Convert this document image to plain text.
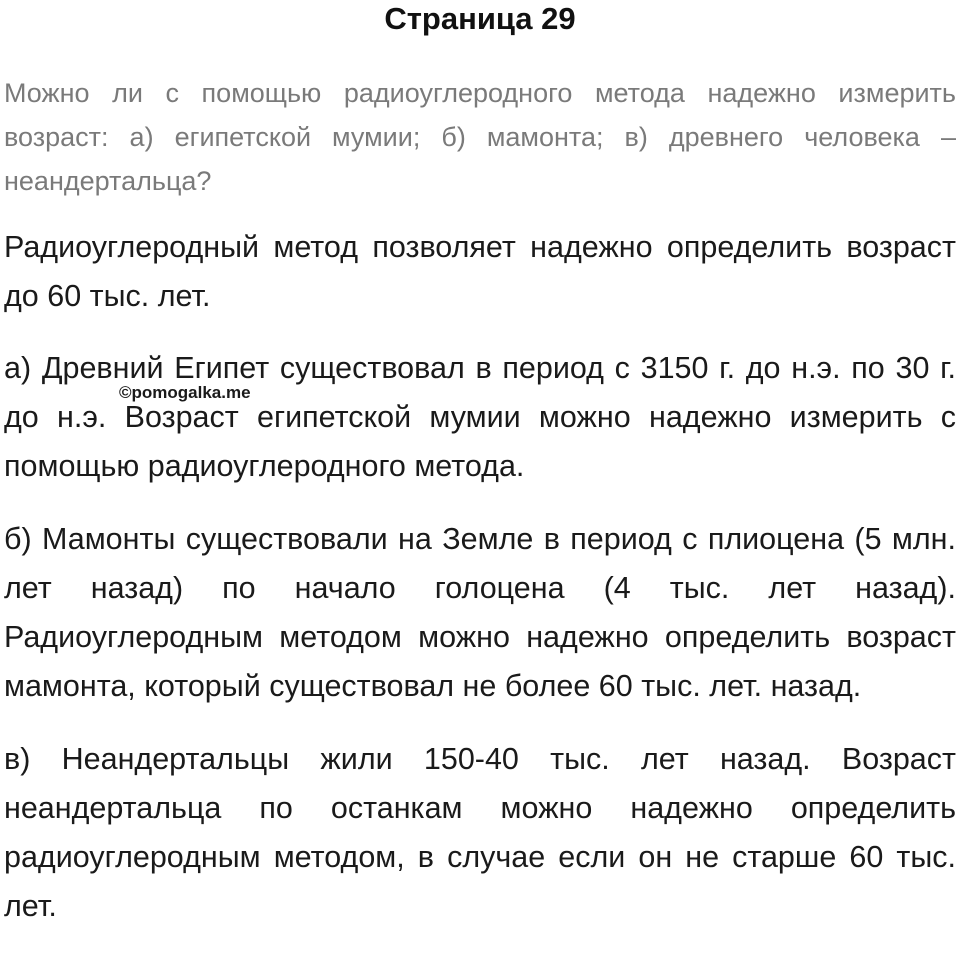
Страница 29

Можно ли с помощью радиоуглеродного метода надежно измерить возраст: а) египетской мумии; б) мамонта; в) древнего человека – неандертальца?

Радиоуглеродный метод позволяет надежно определить возраст до 60 тыс. лет.

а) Древний Египет существовал в период с 3150 г. до н.э. по 30 г. до н.э. Возраст египетской мумии можно надежно измерить с помощью радиоуглеродного метода.

б) Мамонты существовали на Земле в период с плиоцена (5 млн. лет назад) по начало голоцена (4 тыс. лет назад). Радиоуглеродным методом можно надежно определить возраст мамонта, который существовал не более 60 тыс. лет. назад.

в) Неандертальцы жили 150-40 тыс. лет назад. Возраст неандертальца по останкам можно надежно определить радиоуглеродным методом, в случае если он не старше 60 тыс. лет.

©pomogalka.me
